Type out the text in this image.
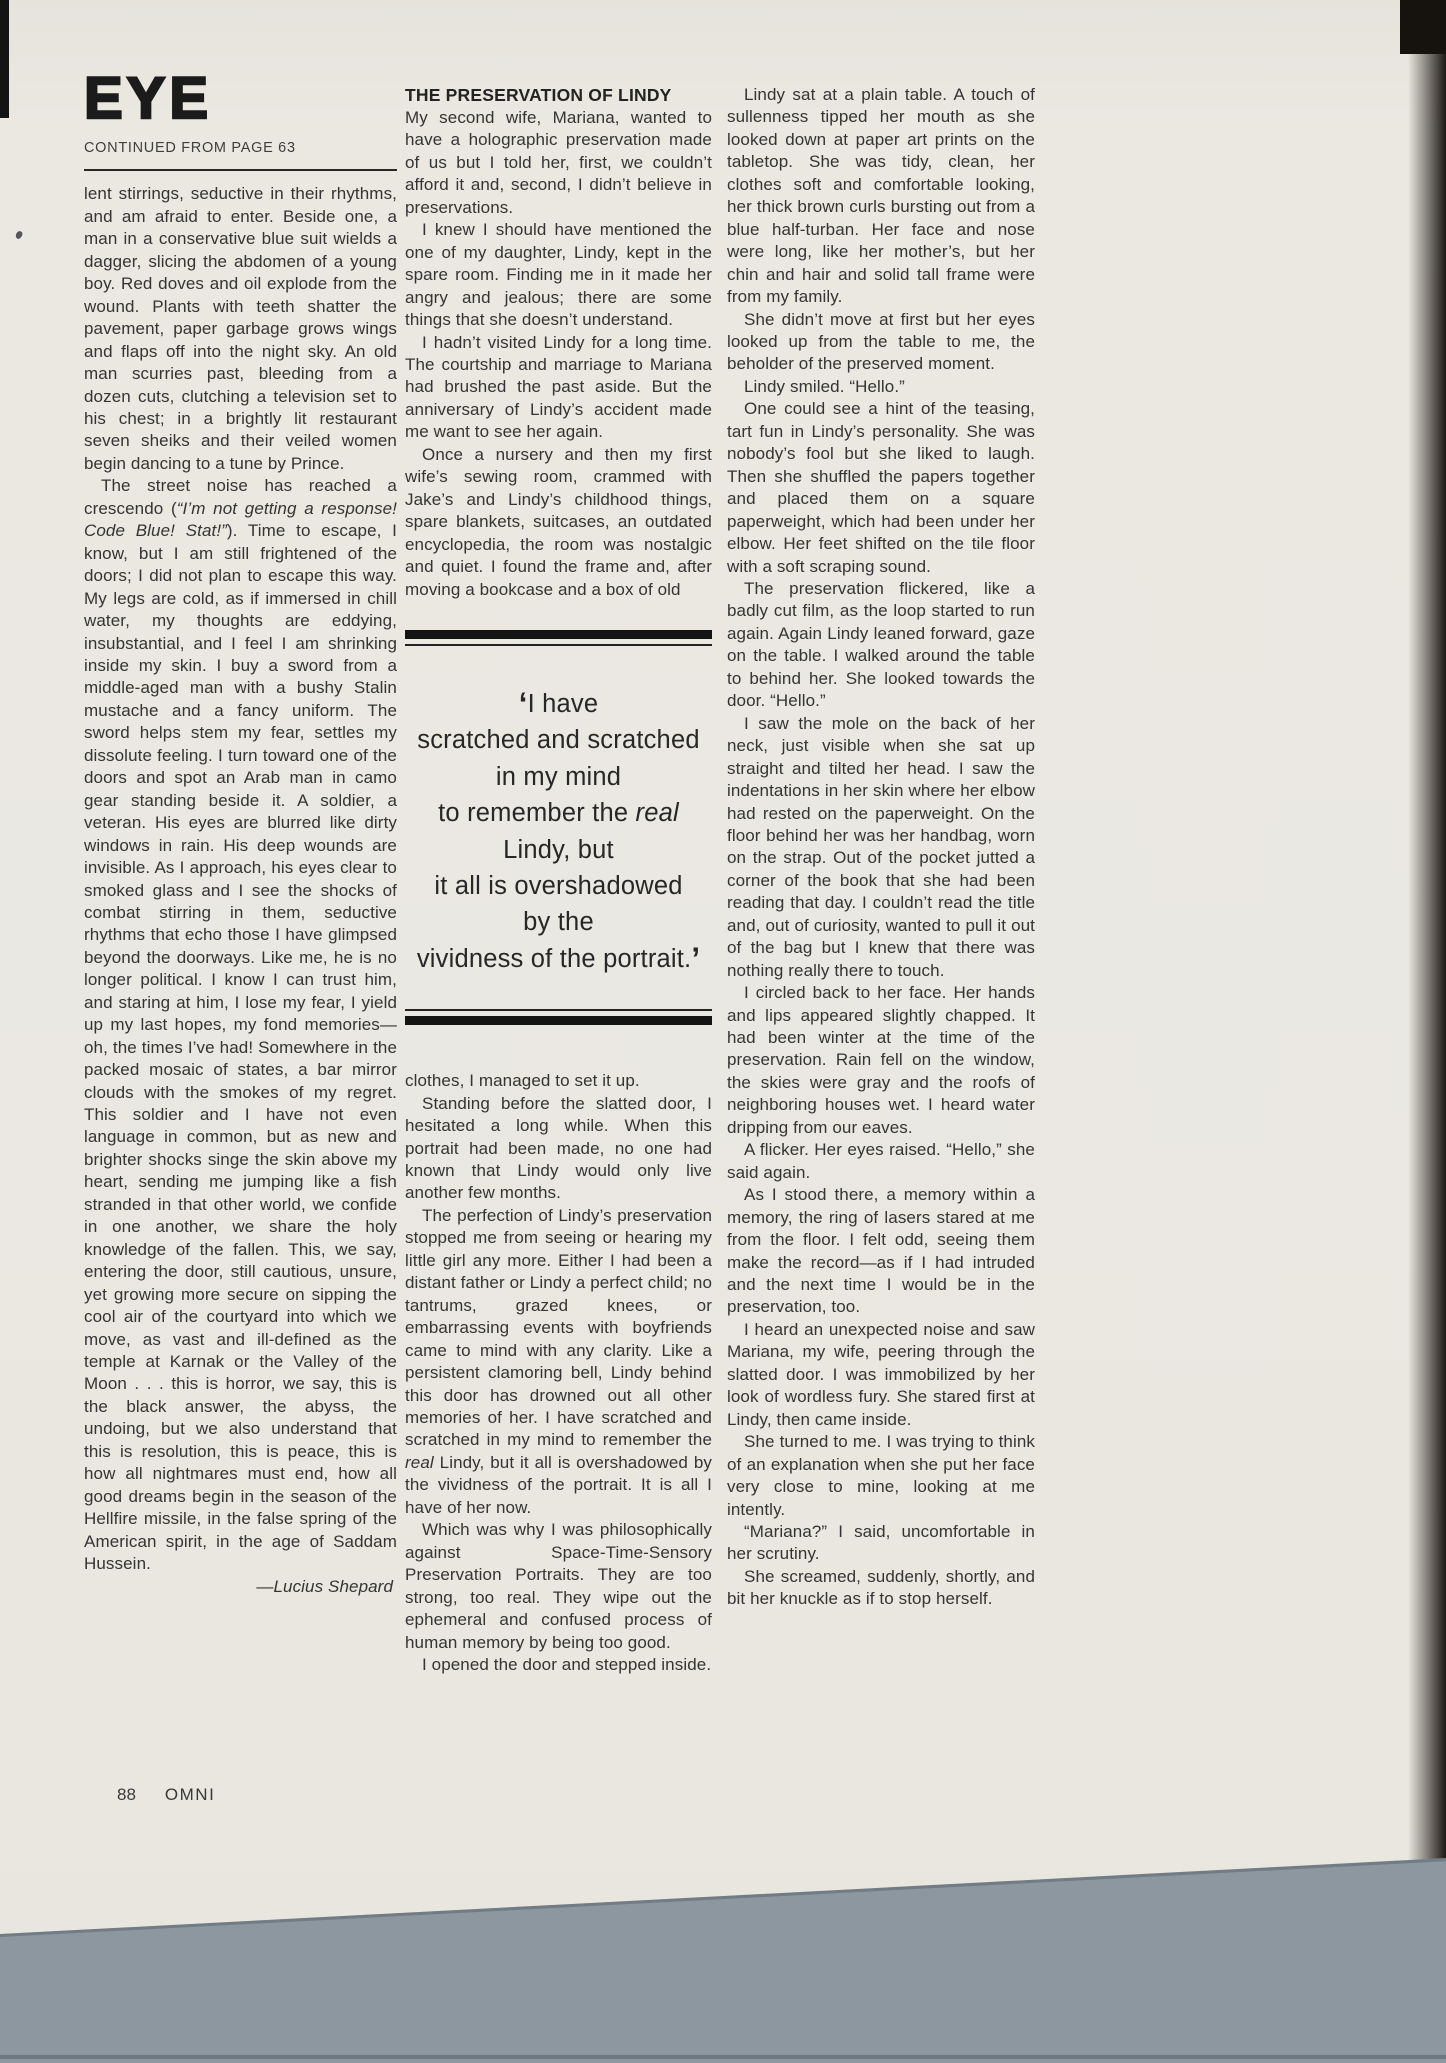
EYE
CONTINUED FROM PAGE 63

lent stirrings, seductive in their rhythms, and am afraid to enter. Beside one, a man in a conservative blue suit wields a dagger, slicing the abdomen of a young boy. Red doves and oil explode from the wound. Plants with teeth shatter the pavement, paper garbage grows wings and flaps off into the night sky. An old man scurries past, bleeding from a dozen cuts, clutching a television set to his chest; in a brightly lit restaurant seven sheiks and their veiled women begin dancing to a tune by Prince.

The street noise has reached a crescendo (“I’m not getting a response! Code Blue! Stat!”). Time to escape, I know, but I am still frightened of the doors; I did not plan to escape this way. My legs are cold, as if immersed in chill water, my thoughts are eddying, insubstantial, and I feel I am shrinking inside my skin. I buy a sword from a middle-aged man with a bushy Stalin mustache and a fancy uniform. The sword helps stem my fear, settles my dissolute feeling. I turn toward one of the doors and spot an Arab man in camo gear standing beside it. A soldier, a veteran. His eyes are blurred like dirty windows in rain. His deep wounds are invisible. As I approach, his eyes clear to smoked glass and I see the shocks of combat stirring in them, seductive rhythms that echo those I have glimpsed beyond the doorways. Like me, he is no longer political. I know I can trust him, and staring at him, I lose my fear, I yield up my last hopes, my fond memories—oh, the times I’ve had! Somewhere in the packed mosaic of states, a bar mirror clouds with the smokes of my regret. This soldier and I have not even language in common, but as new and brighter shocks singe the skin above my heart, sending me jumping like a fish stranded in that other world, we confide in one another, we share the holy knowledge of the fallen. This, we say, entering the door, still cautious, unsure, yet growing more secure on sipping the cool air of the courtyard into which we move, as vast and ill-defined as the temple at Karnak or the Valley of the Moon . . . this is horror, we say, this is the black answer, the abyss, the undoing, but we also understand that this is resolution, this is peace, this is how all nightmares must end, how all good dreams begin in the season of the Hellfire missile, in the false spring of the American spirit, in the age of Saddam Hussein.

—Lucius Shepard
THE PRESERVATION OF LINDY

My second wife, Mariana, wanted to have a holographic preservation made of us but I told her, first, we couldn’t afford it and, second, I didn’t believe in preservations.

I knew I should have mentioned the one of my daughter, Lindy, kept in the spare room. Finding me in it made her angry and jealous; there are some things that she doesn’t understand.

I hadn’t visited Lindy for a long time. The courtship and marriage to Mariana had brushed the past aside. But the anniversary of Lindy’s accident made me want to see her again.

Once a nursery and then my first wife’s sewing room, crammed with Jake’s and Lindy’s childhood things, spare blankets, suitcases, an outdated encyclopedia, the room was nostalgic and quiet. I found the frame and, after moving a bookcase and a box of old

‘I have
scratched and scratched
in my mind
to remember the real
Lindy, but
it all is overshadowed
by the
vividness of the portrait.’

clothes, I managed to set it up.

Standing before the slatted door, I hesitated a long while. When this portrait had been made, no one had known that Lindy would only live another few months.

The perfection of Lindy’s preservation stopped me from seeing or hearing my little girl any more. Either I had been a distant father or Lindy a perfect child; no tantrums, grazed knees, or embarrassing events with boyfriends came to mind with any clarity. Like a persistent clamoring bell, Lindy behind this door has drowned out all other memories of her. I have scratched and scratched in my mind to remember the real Lindy, but it all is overshadowed by the vividness of the portrait. It is all I have of her now.

Which was why I was philosophically against Space-Time-Sensory Preservation Portraits. They are too strong, too real. They wipe out the ephemeral and confused process of human memory by being too good.

I opened the door and stepped inside.

Lindy sat at a plain table. A touch of sullenness tipped her mouth as she looked down at paper art prints on the tabletop. She was tidy, clean, her clothes soft and comfortable looking, her thick brown curls bursting out from a blue half-turban. Her face and nose were long, like her mother’s, but her chin and hair and solid tall frame were from my family.

She didn’t move at first but her eyes looked up from the table to me, the beholder of the preserved moment.

Lindy smiled. “Hello.”

One could see a hint of the teasing, tart fun in Lindy’s personality. She was nobody’s fool but she liked to laugh. Then she shuffled the papers together and placed them on a square paperweight, which had been under her elbow. Her feet shifted on the tile floor with a soft scraping sound.

The preservation flickered, like a badly cut film, as the loop started to run again. Again Lindy leaned forward, gaze on the table. I walked around the table to behind her. She looked towards the door. “Hello.”

I saw the mole on the back of her neck, just visible when she sat up straight and tilted her head. I saw the indentations in her skin where her elbow had rested on the paperweight. On the floor behind her was her handbag, worn on the strap. Out of the pocket jutted a corner of the book that she had been reading that day. I couldn’t read the title and, out of curiosity, wanted to pull it out of the bag but I knew that there was nothing really there to touch.

I circled back to her face. Her hands and lips appeared slightly chapped. It had been winter at the time of the preservation. Rain fell on the window, the skies were gray and the roofs of neighboring houses wet. I heard water dripping from our eaves.

A flicker. Her eyes raised. “Hello,” she said again.

As I stood there, a memory within a memory, the ring of lasers stared at me from the floor. I felt odd, seeing them make the record—as if I had intruded and the next time I would be in the preservation, too.

I heard an unexpected noise and saw Mariana, my wife, peering through the slatted door. I was immobilized by her look of wordless fury. She stared first at Lindy, then came inside.

She turned to me. I was trying to think of an explanation when she put her face very close to mine, looking at me intently.

“Mariana?” I said, uncomfortable in her scrutiny.

She screamed, suddenly, shortly, and bit her knuckle as if to stop herself.

88 OMNI
